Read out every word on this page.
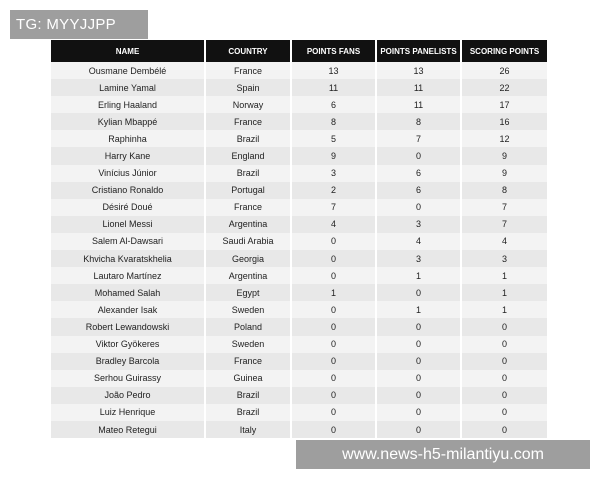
TG: MYYJJPP
NAME	COUNTRY	POINTS FANS	POINTS PANELISTS	SCORING POINTS
Ousmane Dembélé	France	13	13	26
Lamine Yamal	Spain	11	11	22
Erling Haaland	Norway	6	11	17
Kylian Mbappé	France	8	8	16
Raphinha	Brazil	5	7	12
Harry Kane	England	9	0	9
Vinícius Júnior	Brazil	3	6	9
Cristiano Ronaldo	Portugal	2	6	8
Désiré Doué	France	7	0	7
Lionel Messi	Argentina	4	3	7
Salem Al-Dawsari	Saudi Arabia	0	4	4
Khvicha Kvaratskhelia	Georgia	0	3	3
Lautaro Martínez	Argentina	0	1	1
Mohamed Salah	Egypt	1	0	1
Alexander Isak	Sweden	0	1	1
Robert Lewandowski	Poland	0	0	0
Viktor Gyökeres	Sweden	0	0	0
Bradley Barcola	France	0	0	0
Serhou Guirassy	Guinea	0	0	0
João Pedro	Brazil	0	0	0
Luiz Henrique	Brazil	0	0	0
Mateo Retegui	Italy	0	0	0
www.news-h5-milantiyu.com
